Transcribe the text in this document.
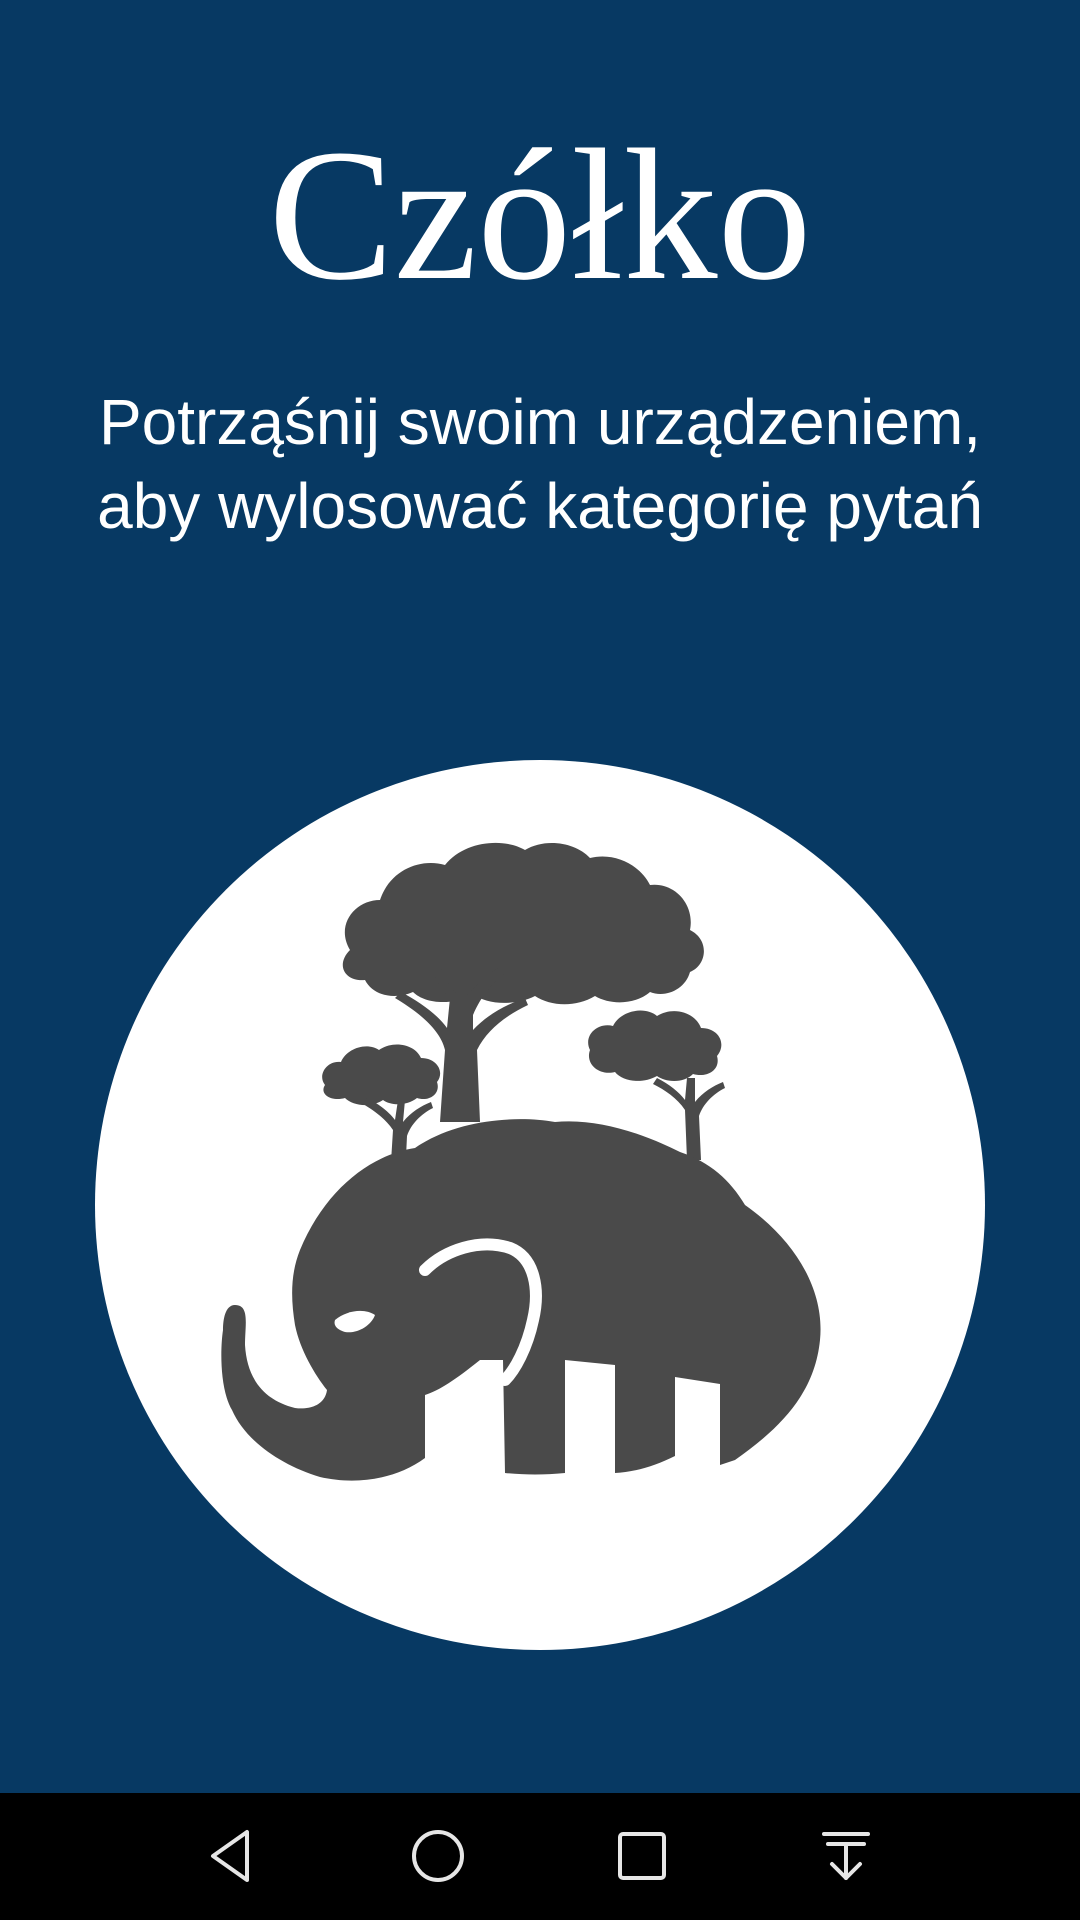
Czółko

Potrząśnij swoim urządzeniem,
aby wylosować kategorię pytań
